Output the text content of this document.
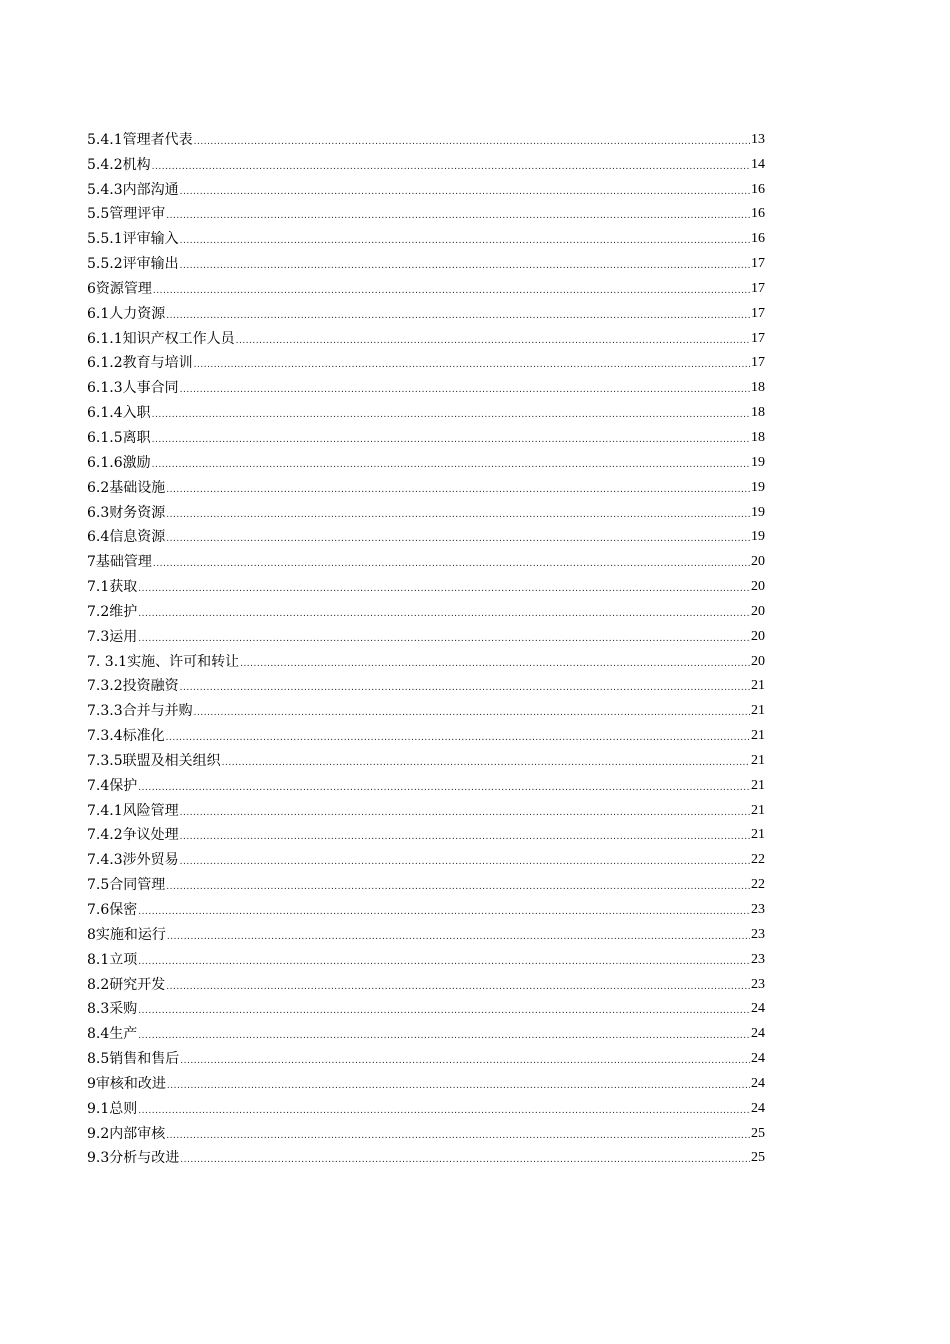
5.4.1管理者代表 .....	13
5.4.2机构 .....	14
5.4.3内部沟通 .....	16
5.5管理评审 .....	16
5.5.1评审输入 .....	16
5.5.2评审输出 .....	17
6资源管理 .....	17
6.1人力资源 .....	17
6.1.1知识产权工作人员 .....	17
6.1.2教育与培训 .....	17
6.1.3人事合同 .....	18
6.1.4入职 .....	18
6.1.5离职 .....	18
6.1.6激励 .....	19
6.2基础设施 .....	19
6.3财务资源 .....	19
6.4信息资源 .....	19
7基础管理 .....	20
7.1获取 .....	20
7.2维护 .....	20
7.3运用 .....	20
7. 3.1实施、许可和转让 .....	20
7.3.2投资融资 .....	21
7.3.3合并与并购 .....	21
7.3.4标准化 .....	21
7.3.5联盟及相关组织 .....	21
7.4保护 .....	21
7.4.1风险管理 .....	21
7.4.2争议处理 .....	21
7.4.3涉外贸易 .....	22
7.5合同管理 .....	22
7.6保密 .....	23
8实施和运行 .....	23
8.1立项 .....	23
8.2研究开发 .....	23
8.3采购 .....	24
8.4生产 .....	24
8.5销售和售后 .....	24
9审核和改进 .....	24
9.1总则 .....	24
9.2内部审核 .....	25
9.3分析与改进 .....	25
